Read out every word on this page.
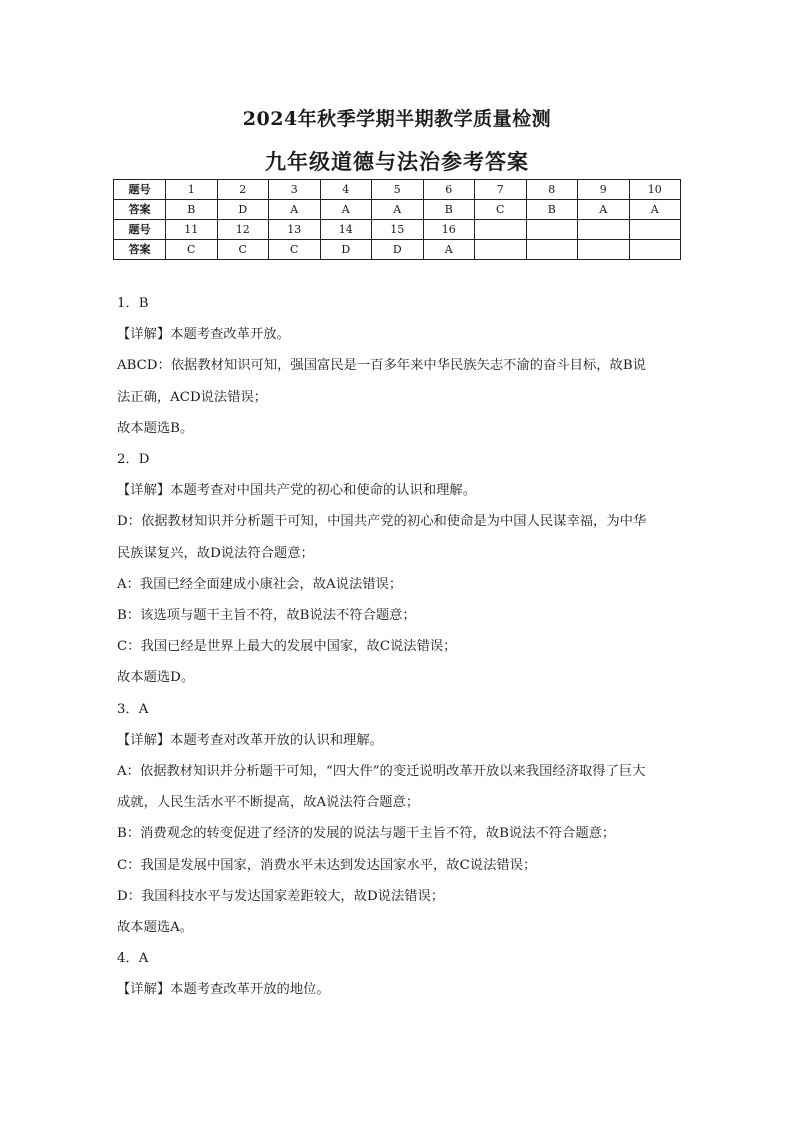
2024年秋季学期半期教学质量检测
九年级道德与法治参考答案
题号	1	2	3	4	5	6	7	8	9	10
答案	B	D	A	A	A	B	C	B	A	A
题号	11	12	13	14	15	16				
答案	C	C	C	D	D	A				

1．B

【详解】本题考查改革开放。

ABCD：依据教材知识可知，强国富民是一百多年来中华民族矢志不渝的奋斗目标，故B说

法正确，ACD说法错误；

故本题选B。

2．D

【详解】本题考查对中国共产党的初心和使命的认识和理解。

D：依据教材知识并分析题干可知，中国共产党的初心和使命是为中国人民谋幸福，为中华

民族谋复兴，故D说法符合题意；

A：我国已经全面建成小康社会，故A说法错误；

B：该选项与题干主旨不符，故B说法不符合题意；

C：我国已经是世界上最大的发展中国家，故C说法错误；

故本题选D。

3．A

【详解】本题考查对改革开放的认识和理解。

A：依据教材知识并分析题干可知，“四大件”的变迁说明改革开放以来我国经济取得了巨大

成就，人民生活水平不断提高，故A说法符合题意；

B：消费观念的转变促进了经济的发展的说法与题干主旨不符，故B说法不符合题意；

C：我国是发展中国家，消费水平未达到发达国家水平，故C说法错误；

D：我国科技水平与发达国家差距较大，故D说法错误；

故本题选A。

4．A

【详解】本题考查改革开放的地位。
